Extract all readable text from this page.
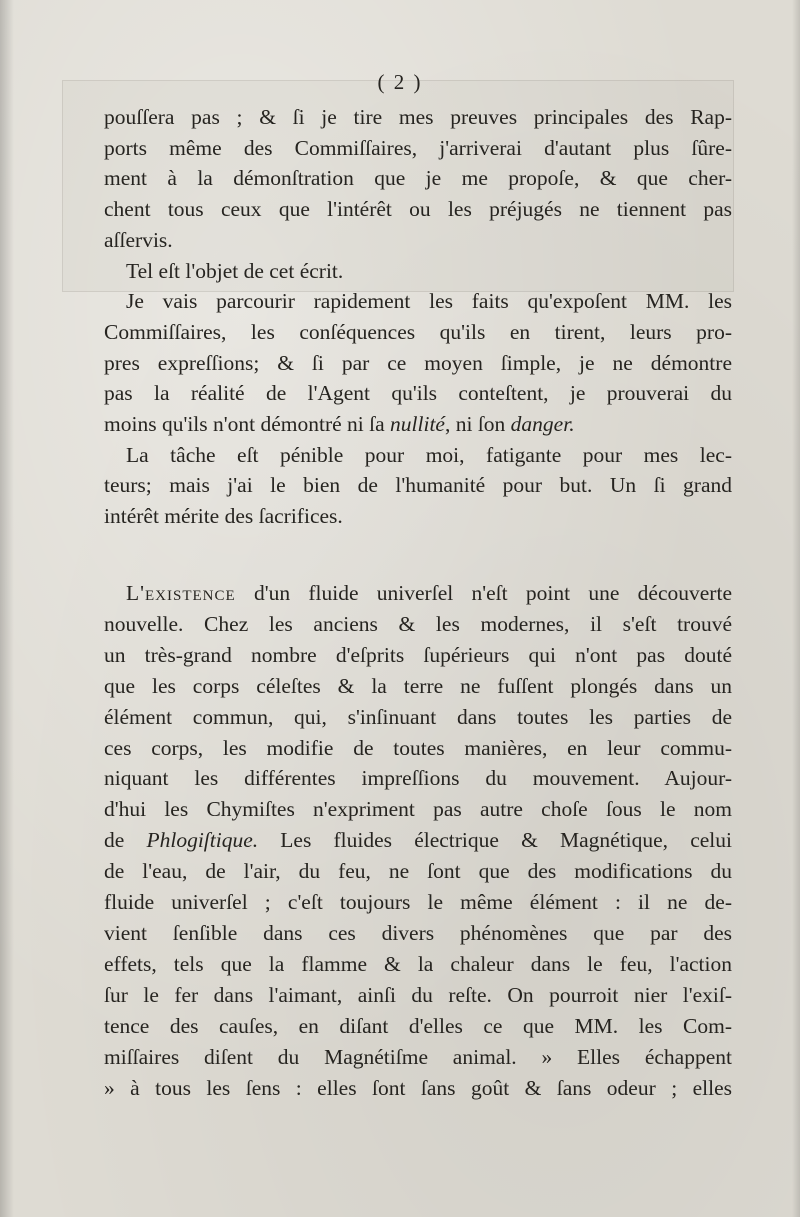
( 2 )
pouſſera pas ; & ſi je tire mes preuves principales des Rap-
ports même des Commiſſaires, j'arriverai d'autant plus ſûre-
ment à la démonſtration que je me propoſe, & que cher-
chent tous ceux que l'intérêt ou les préjugés ne tiennent pas
aſſervis.
Tel eſt l'objet de cet écrit.
Je vais parcourir rapidement les faits qu'expoſent MM. les
Commiſſaires, les conſéquences qu'ils en tirent, leurs pro-
pres expreſſions; & ſi par ce moyen ſimple, je ne démontre
pas la réalité de l'Agent qu'ils conteſtent, je prouverai du
moins qu'ils n'ont démontré ni ſa nullité, ni ſon danger.
La tâche eſt pénible pour moi, fatigante pour mes lec-
teurs; mais j'ai le bien de l'humanité pour but. Un ſi grand
intérêt mérite des ſacrifices.
L'existence d'un fluide univerſel n'eſt point une découverte
nouvelle. Chez les anciens & les modernes, il s'eſt trouvé
un très-grand nombre d'eſprits ſupérieurs qui n'ont pas douté
que les corps céleſtes & la terre ne fuſſent plongés dans un
élément commun, qui, s'inſinuant dans toutes les parties de
ces corps, les modifie de toutes manières, en leur commu-
niquant les différentes impreſſions du mouvement. Aujour-
d'hui les Chymiſtes n'expriment pas autre choſe ſous le nom
de Phlogiſtique. Les fluides électrique & Magnétique, celui
de l'eau, de l'air, du feu, ne ſont que des modifications du
fluide univerſel ; c'eſt toujours le même élément : il ne de-
vient ſenſible dans ces divers phénomènes que par des
effets, tels que la flamme & la chaleur dans le feu, l'action
ſur le fer dans l'aimant, ainſi du reſte. On pourroit nier l'exiſ-
tence des cauſes, en diſant d'elles ce que MM. les Com-
miſſaires diſent du Magnétiſme animal. » Elles échappent
» à tous les ſens : elles ſont ſans goût & ſans odeur ; elles
